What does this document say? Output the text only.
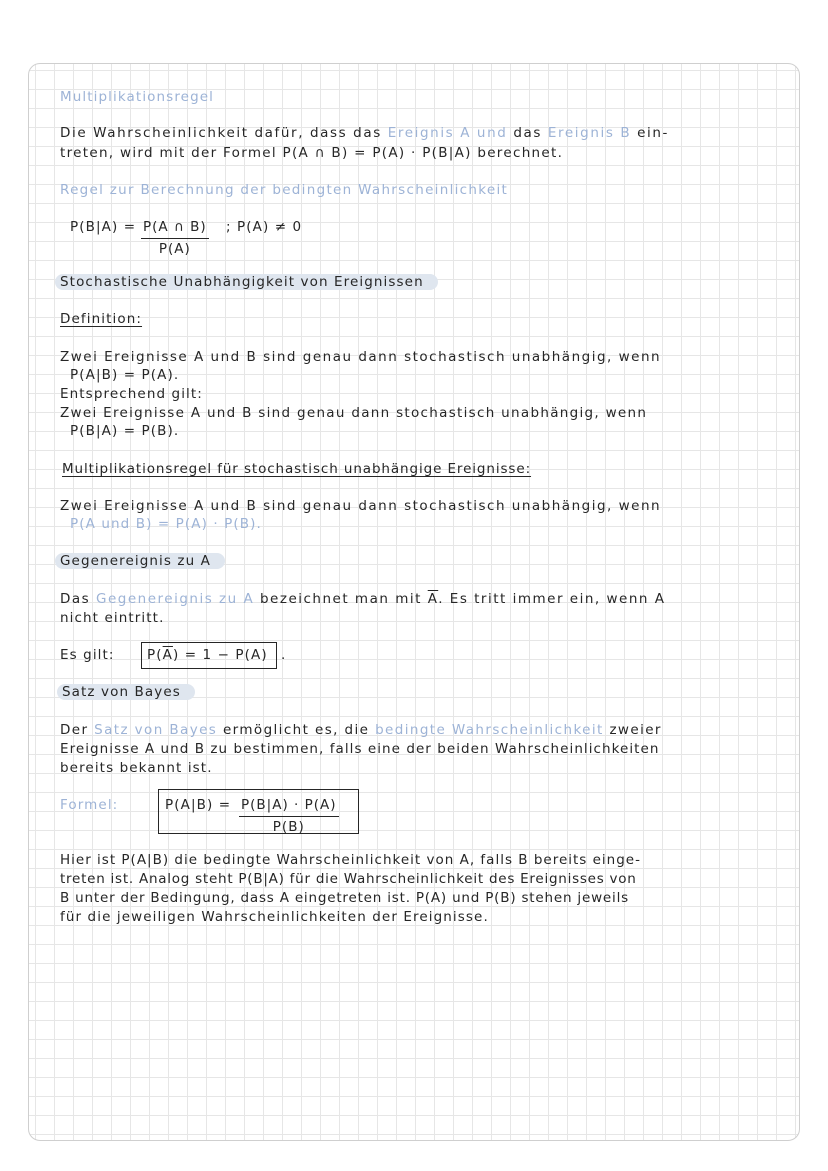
Multiplikationsregel
Die Wahrscheinlichkeit dafür, dass das Ereignis A und das Ereignis B ein-
treten, wird mit der Formel P(A ∩ B) = P(A) · P(B|A) berechnet.
Regel zur Berechnung der bedingten Wahrscheinlichkeit
$P(B|A) = \frac{P(A \cap B)}{P(A)}$ ; P(A) ≠ 0
Stochastische Unabhängigkeit von Ereignissen
Definition:
Zwei Ereignisse A und B sind genau dann stochastisch unabhängig, wenn
P(A|B) = P(A).
Entsprechend gilt:
Zwei Ereignisse A und B sind genau dann stochastisch unabhängig, wenn
P(B|A) = P(B).
Multiplikationsregel für stochastisch unabhängige Ereignisse:
Zwei Ereignisse A und B sind genau dann stochastisch unabhängig, wenn
P(A und B) = P(A) · P(B).
Gegenereignis zu A
Das Gegenereignis zu A bezeichnet man mit $\overline{A}$. Es tritt immer ein, wenn A
nicht eintritt.
Es gilt: $P(\overline{A}) = 1 - P(A)$ .
Satz von Bayes
Der Satz von Bayes ermöglicht es, die bedingte Wahrscheinlichkeit zweier
Ereignisse A und B zu bestimmen, falls eine der beiden Wahrscheinlichkeiten
bereits bekannt ist.
Formel:	$P(A|B) = \frac{P(B|A) \cdot P(A)}{P(B)}$
Hier ist P(A|B) die bedingte Wahrscheinlichkeit von A, falls B bereits einge-
treten ist. Analog steht P(B|A) für die Wahrscheinlichkeit des Ereignisses von
B unter der Bedingung, dass A eingetreten ist. P(A) und P(B) stehen jeweils
für die jeweiligen Wahrscheinlichkeiten der Ereignisse.
